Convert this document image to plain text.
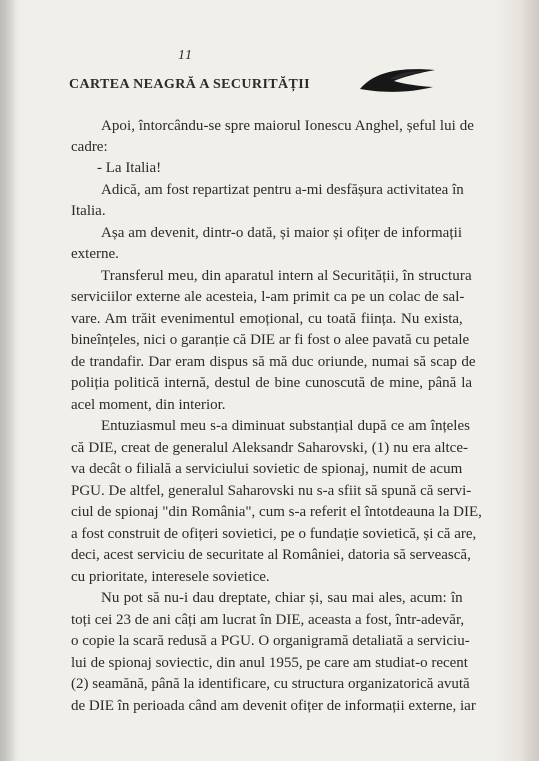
11
CARTEA NEAGRĂ A SECURITĂȚII
Apoi, întorcându-se spre maiorul Ionescu Anghel, șeful lui de
cadre:
- La Italia!
Adică, am fost repartizat pentru a-mi desfășura activitatea în
Italia.
Așa am devenit, dintr-o dată, și maior și ofițer de informații
externe.
Transferul meu, din aparatul intern al Securității, în structura
serviciilor externe ale acesteia, l-am primit ca pe un colac de sal-
vare. Am trăit evenimentul emoțional, cu toată ființa. Nu exista,
bineînțeles, nici o garanție că DIE ar fi fost o alee pavată cu petale
de trandafir. Dar eram dispus să mă duc oriunde, numai să scap de
poliția politică internă, destul de bine cunoscută de mine, până la
acel moment, din interior.
Entuziasmul meu s-a diminuat substanțial după ce am înțeles
că DIE, creat de generalul Aleksandr Saharovski, (1) nu era altce-
va decât o filială a serviciului sovietic de spionaj, numit de acum
PGU. De altfel, generalul Saharovski nu s-a sfiit să spună că servi-
ciul de spionaj "din România", cum s-a referit el întotdeauna la DIE,
a fost construit de ofițeri sovietici, pe o fundație sovietică, și că are,
deci, acest serviciu de securitate al României, datoria să servească,
cu prioritate, interesele sovietice.
Nu pot să nu-i dau dreptate, chiar și, sau mai ales, acum: în
toți cei 23 de ani câți am lucrat în DIE, aceasta a fost, într-adevăr,
o copie la scară redusă a PGU. O organigramă detaliată a serviciu-
lui de spionaj soviectic, din anul 1955, pe care am studiat-o recent
(2) seamănă, până la identificare, cu structura organizatorică avută
de DIE în perioada când am devenit ofițer de informații externe, iar
